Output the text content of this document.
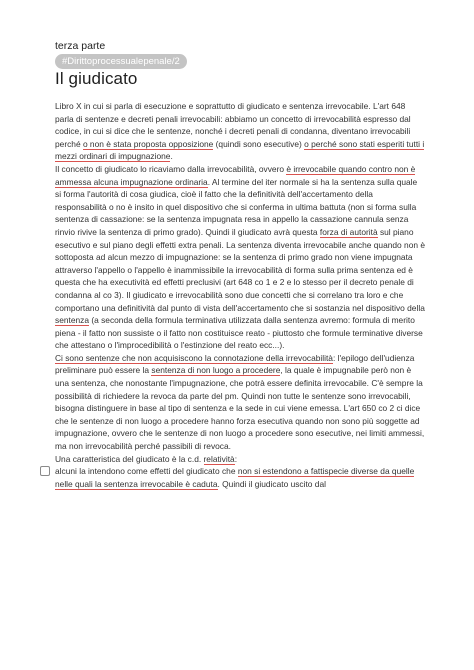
terza parte
#Dirittoprocessualepenale/2
Il giudicato

Libro X in cui si parla di esecuzione e soprattutto di giudicato e sentenza irrevocabile. L'art 648 parla di sentenze e decreti penali irrevocabili: abbiamo un concetto di irrevocabilità espresso dal codice, in cui si dice che le sentenze, nonché i decreti penali di condanna, diventano irrevocabili perché o non è stata proposta opposizione (quindi sono esecutive) o perché sono stati esperiti tutti i mezzi ordinari di impugnazione.

Il concetto di giudicato lo ricaviamo dalla irrevocabilità, ovvero è irrevocabile quando contro non è ammessa alcuna impugnazione ordinaria. Al termine del iter normale si ha la sentenza sulla quale si forma l'autorità di cosa giudica, cioè il fatto che la definitività dell'accertamento della responsabilità o no è insito in quel dispositivo che si conferma in ultima battuta (non si forma sulla sentenza di cassazione: se la sentenza impugnata resa in appello la cassazione cannula senza rinvio rivive la sentenza di primo grado). Quindi il giudicato avrà questa forza di autorità sul piano esecutivo e sul piano degli effetti extra penali. La sentenza diventa irrevocabile anche quando non è sottoposta ad alcun mezzo di impugnazione: se la sentenza di primo grado non viene impugnata attraverso l'appello o l'appello è inammissibile la irrevocabilità di forma sulla prima sentenza ed è questa che ha executività ed effetti preclusivi (art 648 co 1 e 2 e lo stesso per il decreto penale di condanna al co 3). Il giudicato e irrevocabilità sono due concetti che si correlano tra loro e che comportano una definitività dal punto di vista dell'accertamento che si sostanzia nel dispositivo della sentenza (a seconda della formula terminativa utilizzata dalla sentenza avremo: formula di merito piena - il fatto non sussiste o il fatto non costituisce reato - piuttosto che formule terminative diverse che attestano o l'improcedibilità o l'estinzione del reato ecc...).

Ci sono sentenze che non acquisiscono la connotazione della irrevocabilità: l'epilogo dell'udienza preliminare può essere la sentenza di non luogo a procedere, la quale è impugnabile però non è una sentenza, che nonostante l'impugnazione, che potrà essere definita irrevocabile. C'è sempre la possibilità di richiedere la revoca da parte del pm. Quindi non tutte le sentenze sono irrevocabili, bisogna distinguere in base al tipo di sentenza e la sede in cui viene emessa. L'art 650 co 2 ci dice che le sentenze di non luogo a procedere hanno forza esecutiva quando non sono più soggette ad impugnazione, ovvero che le sentenze di non luogo a procedere sono esecutive, nei limiti ammessi, ma non irrevocabilità perché passibili di revoca.

Una caratteristica del giudicato è la c.d. relatività:

alcuni la intendono come effetti del giudicato che non si estendono a fattispecie diverse da quelle nelle quali la sentenza irrevocabile è caduta. Quindi il giudicato uscito dal
